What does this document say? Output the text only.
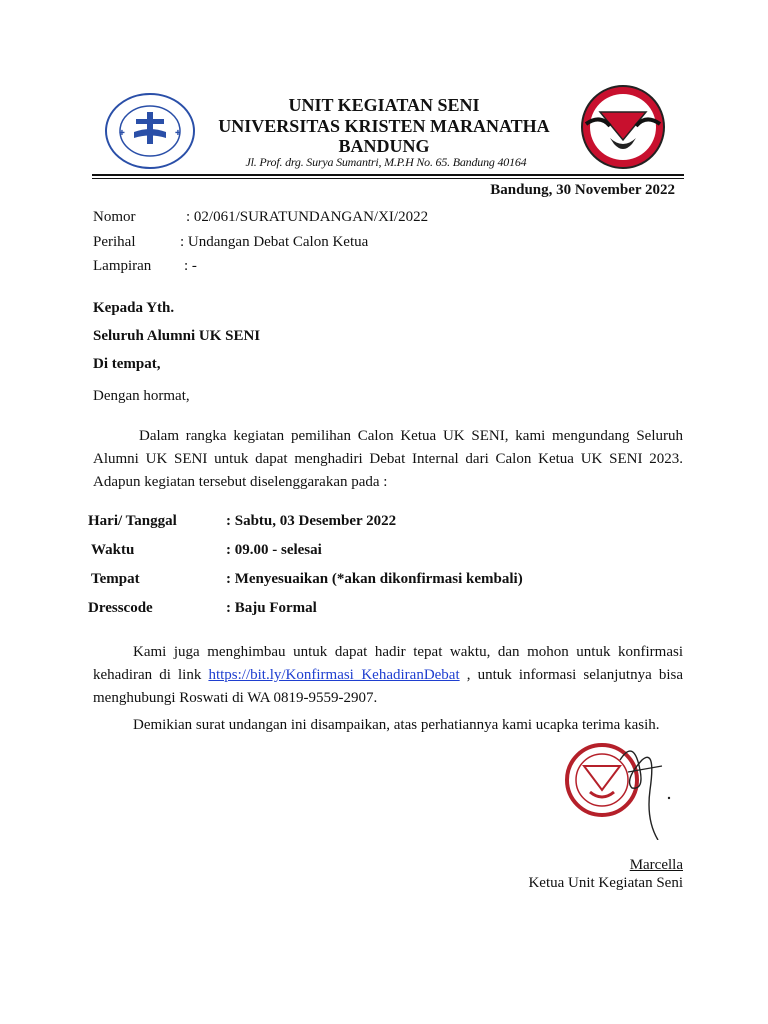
✚	✚
UNIT KEGIATAN SENI
UNIVERSITAS KRISTEN MARANATHA
BANDUNG
Jl. Prof. drg. Surya Sumantri, M.P.H No. 65. Bandung 40164
Bandung, 30 November 2022
Nomor	: 02/061/SURATUNDANGAN/XI/2022
Perihal	: Undangan Debat Calon Ketua
Lampiran : -
Kepada Yth.
Seluruh Alumni UK SENI
Di tempat,
Dengan hormat,
Dalam rangka kegiatan pemilihan Calon Ketua UK SENI, kami mengundang Seluruh Alumni UK SENI untuk dapat menghadiri Debat Internal dari Calon Ketua UK SENI 2023. Adapun kegiatan tersebut diselenggarakan pada :
Hari/ Tanggal	: Sabtu, 03 Desember 2022
Waktu	: 09.00 - selesai
Tempat	: Menyesuaikan (*akan dikonfirmasi kembali)
Dresscode	: Baju Formal
Kami juga menghimbau untuk dapat hadir tepat waktu, dan mohon untuk konfirmasi kehadiran di link https://bit.ly/Konfirmasi_KehadiranDebat , untuk informasi selanjutnya bisa menghubungi Roswati di WA 0819-9559-2907.
Demikian surat undangan ini disampaikan, atas perhatiannya kami ucapka terima kasih.
Marcella
Ketua Unit Kegiatan Seni
